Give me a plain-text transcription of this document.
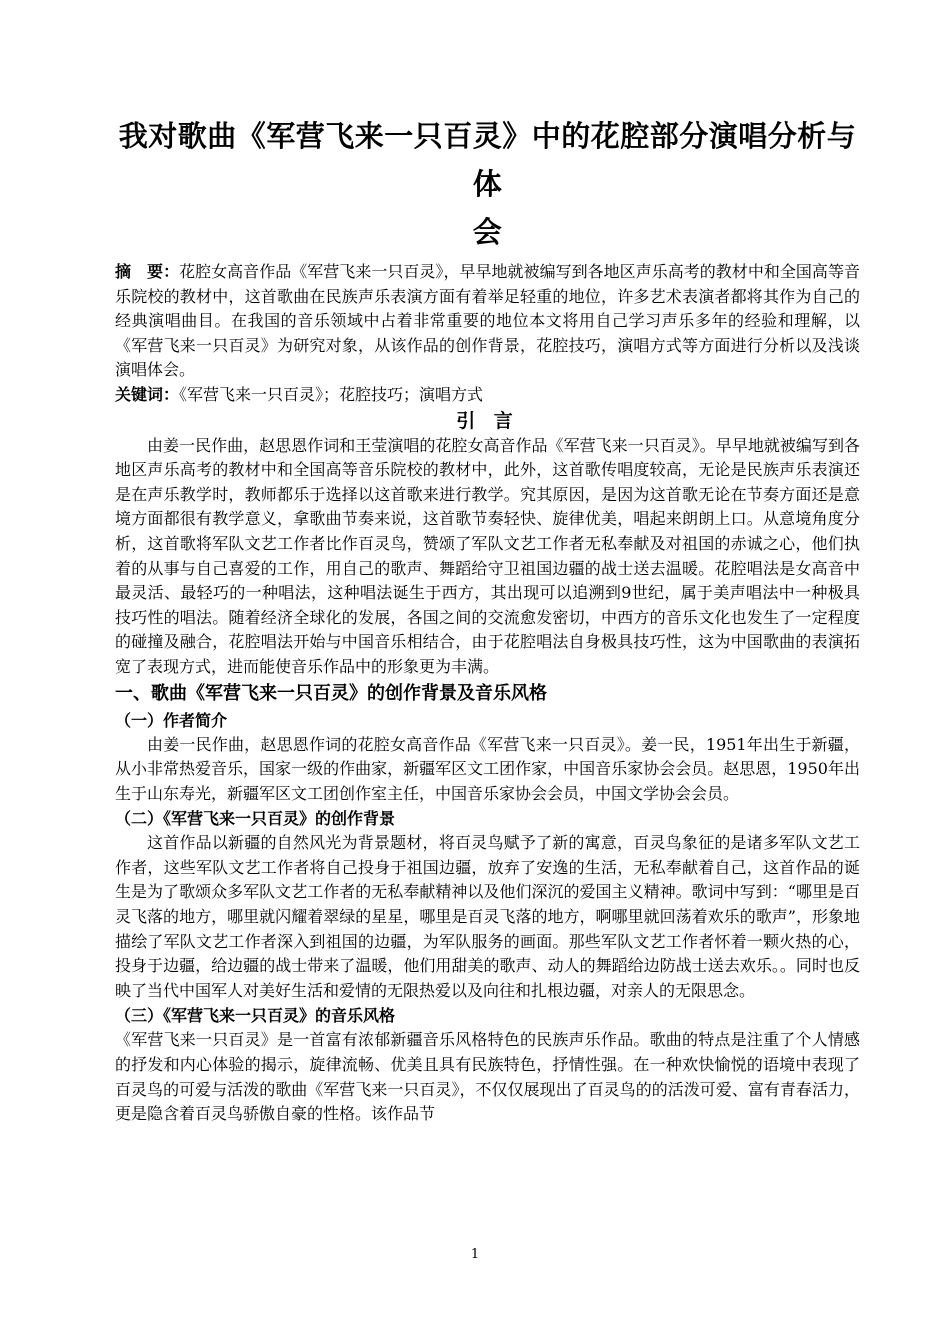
我对歌曲《军营飞来一只百灵》中的花腔部分演唱分析与体
会

摘　要：花腔女高音作品《军营飞来一只百灵》，早早地就被编写到各地区声乐高考的教材中和全国高等音乐院校的教材中，这首歌曲在民族声乐表演方面有着举足轻重的地位，许多艺术表演者都将其作为自己的经典演唱曲目。在我国的音乐领域中占着非常重要的地位本文将用自己学习声乐多年的经验和理解，以《军营飞来一只百灵》为研究对象，从该作品的创作背景，花腔技巧，演唱方式等方面进行分析以及浅谈演唱体会。

关键词：《军营飞来一只百灵》；花腔技巧；演唱方式

引 言

由姜一民作曲，赵思恩作词和王莹演唱的花腔女高音作品《军营飞来一只百灵》。早早地就被编写到各地区声乐高考的教材中和全国高等音乐院校的教材中，此外，这首歌传唱度较高，无论是民族声乐表演还是在声乐教学时，教师都乐于选择以这首歌来进行教学。究其原因，是因为这首歌无论在节奏方面还是意境方面都很有教学意义，拿歌曲节奏来说，这首歌节奏轻快、旋律优美，唱起来朗朗上口。从意境角度分析，这首歌将军队文艺工作者比作百灵鸟，赞颂了军队文艺工作者无私奉献及对祖国的赤诚之心，他们执着的从事与自己喜爱的工作，用自己的歌声、舞蹈给守卫祖国边疆的战士送去温暖。花腔唱法是女高音中最灵活、最轻巧的一种唱法，这种唱法诞生于西方，其出现可以追溯到9世纪，属于美声唱法中一种极具技巧性的唱法。随着经济全球化的发展，各国之间的交流愈发密切，中西方的音乐文化也发生了一定程度的碰撞及融合，花腔唱法开始与中国音乐相结合，由于花腔唱法自身极具技巧性，这为中国歌曲的表演拓宽了表现方式，进而能使音乐作品中的形象更为丰满。

一、歌曲《军营飞来一只百灵》的创作背景及音乐风格
（一）作者简介

由姜一民作曲，赵思恩作词的花腔女高音作品《军营飞来一只百灵》。姜一民，1951年出生于新疆，从小非常热爱音乐，国家一级的作曲家，新疆军区文工团作家，中国音乐家协会会员。赵思恩，1950年出生于山东寿光，新疆军区文工团创作室主任，中国音乐家协会会员，中国文学协会会员。

（二）《军营飞来一只百灵》的创作背景

这首作品以新疆的自然风光为背景题材，将百灵鸟赋予了新的寓意，百灵鸟象征的是诸多军队文艺工作者，这些军队文艺工作者将自己投身于祖国边疆，放弃了安逸的生活，无私奉献着自己，这首作品的诞生是为了歌颂众多军队文艺工作者的无私奉献精神以及他们深沉的爱国主义精神。歌词中写到：“哪里是百灵飞落的地方，哪里就闪耀着翠绿的星星，哪里是百灵飞落的地方，啊哪里就回荡着欢乐的歌声”，形象地描绘了军队文艺工作者深入到祖国的边疆，为军队服务的画面。那些军队文艺工作者怀着一颗火热的心，投身于边疆，给边疆的战士带来了温暖，他们用甜美的歌声、动人的舞蹈给边防战士送去欢乐。。同时也反映了当代中国军人对美好生活和爱情的无限热爱以及向往和扎根边疆，对亲人的无限思念。

（三）《军营飞来一只百灵》的音乐风格

《军营飞来一只百灵》是一首富有浓郁新疆音乐风格特色的民族声乐作品。歌曲的特点是注重了个人情感的抒发和内心体验的揭示，旋律流畅、优美且具有民族特色，抒情性强。在一种欢快愉悦的语境中表现了百灵鸟的可爱与活泼的歌曲《军营飞来一只百灵》，不仅仅展现出了百灵鸟的的活泼可爱、富有青春活力，更是隐含着百灵鸟骄傲自豪的性格。该作品节

1
